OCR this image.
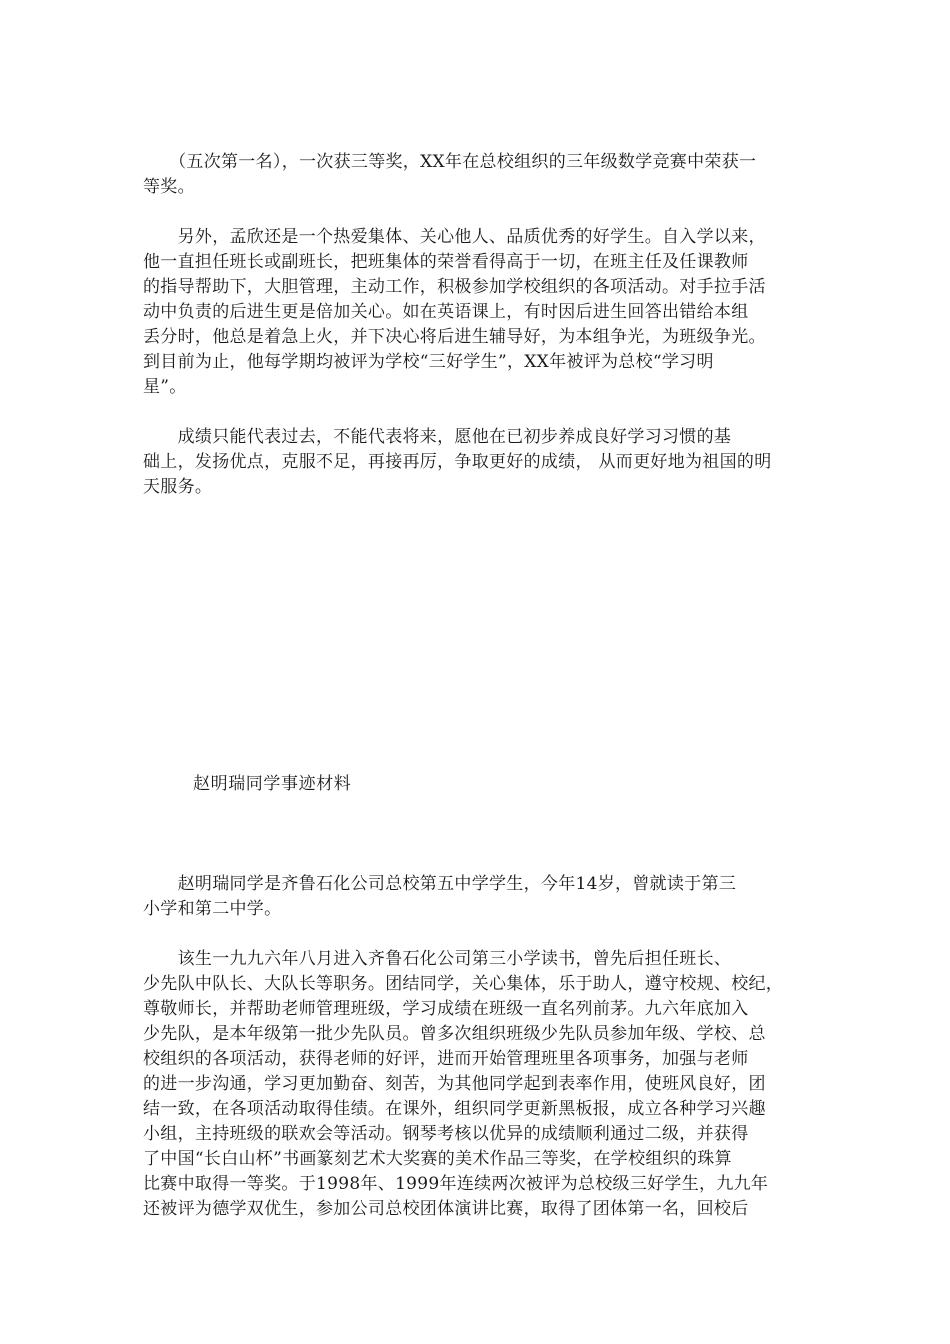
　　（五次第一名），一次获三等奖，XX年在总校组织的三年级数学竞赛中荣获一
等奖。

　　另外，孟欣还是一个热爱集体、关心他人、品质优秀的好学生。自入学以来，
他一直担任班长或副班长，把班集体的荣誉看得高于一切，在班主任及任课教师
的指导帮助下，大胆管理，主动工作，积极参加学校组织的各项活动。对手拉手活
动中负责的后进生更是倍加关心。如在英语课上，有时因后进生回答出错给本组
丢分时，他总是着急上火，并下决心将后进生辅导好，为本组争光，为班级争光。
到目前为止，他每学期均被评为学校“三好学生”，XX年被评为总校“学习明
星”。

　　成绩只能代表过去，不能代表将来，愿他在已初步养成良好学习习惯的基
础上，发扬优点，克服不足，再接再厉，争取更好的成绩， 从而更好地为祖国的明
天服务。

赵明瑞同学事迹材料

　　赵明瑞同学是齐鲁石化公司总校第五中学学生，今年14岁，曾就读于第三
小学和第二中学。

　　该生一九九六年八月进入齐鲁石化公司第三小学读书，曾先后担任班长、
少先队中队长、大队长等职务。团结同学，关心集体，乐于助人，遵守校规、校纪，
尊敬师长，并帮助老师管理班级，学习成绩在班级一直名列前茅。九六年底加入
少先队，是本年级第一批少先队员。曾多次组织班级少先队员参加年级、学校、总
校组织的各项活动，获得老师的好评，进而开始管理班里各项事务，加强与老师
的进一步沟通，学习更加勤奋、刻苦，为其他同学起到表率作用，使班风良好，团
结一致，在各项活动取得佳绩。在课外，组织同学更新黑板报，成立各种学习兴趣
小组，主持班级的联欢会等活动。钢琴考核以优异的成绩顺利通过二级，并获得
了中国“长白山杯”书画篆刻艺术大奖赛的美术作品三等奖，在学校组织的珠算
比赛中取得一等奖。于1998年、1999年连续两次被评为总校级三好学生，九九年
还被评为德学双优生，参加公司总校团体演讲比赛，取得了团体第一名，回校后
